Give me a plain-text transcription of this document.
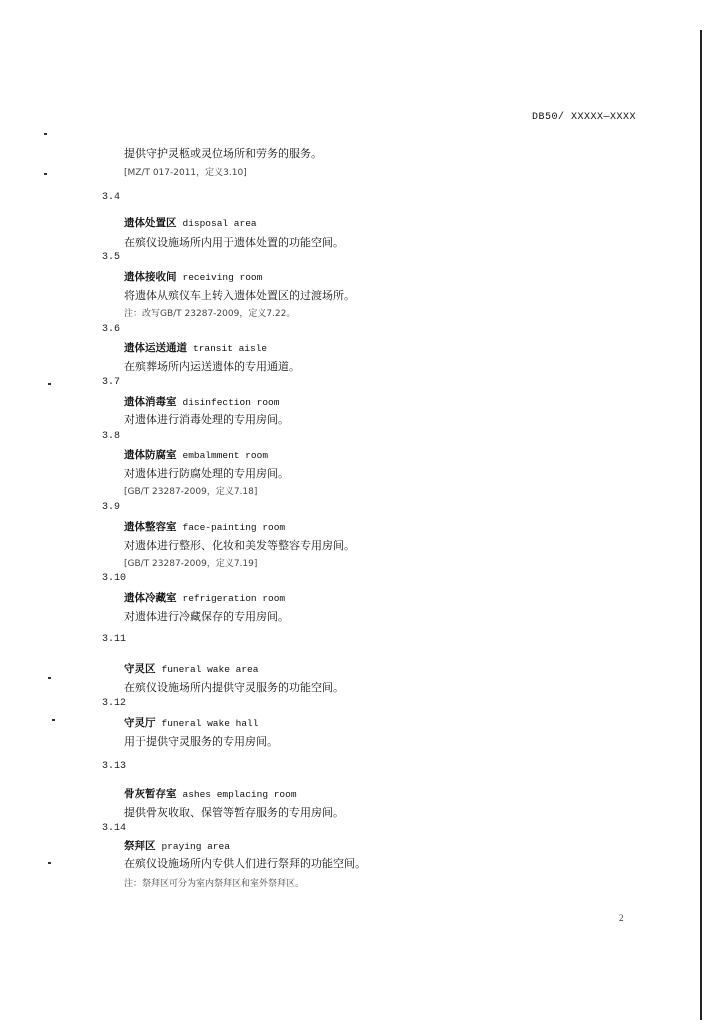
DB50/ XXXXX—XXXX
提供守护灵柩或灵位场所和劳务的服务。
[MZ/T 017-2011，定义3.10]
3.4
遗体处置区 disposal area
在殡仪设施场所内用于遗体处置的功能空间。
3.5
遗体接收间 receiving room
将遗体从殡仪车上转入遗体处置区的过渡场所。
注：改写GB/T 23287-2009，定义7.22。
3.6
遗体运送通道 transit aisle
在殡葬场所内运送遗体的专用通道。
3.7
遗体消毒室 disinfection room
对遗体进行消毒处理的专用房间。
3.8
遗体防腐室 embalmment room
对遗体进行防腐处理的专用房间。
[GB/T 23287-2009，定义7.18]
3.9
遗体整容室 face-painting room
对遗体进行整形、化妆和美发等整容专用房间。
[GB/T 23287-2009，定义7.19]
3.10
遗体冷藏室 refrigeration room
对遗体进行冷藏保存的专用房间。
3.11
守灵区 funeral wake area
在殡仪设施场所内提供守灵服务的功能空间。
3.12
守灵厅 funeral wake hall
用于提供守灵服务的专用房间。
3.13
骨灰暂存室 ashes emplacing room
提供骨灰收取、保管等暂存服务的专用房间。
3.14
祭拜区 praying area
在殡仪设施场所内专供人们进行祭拜的功能空间。
注：祭拜区可分为室内祭拜区和室外祭拜区。
2
